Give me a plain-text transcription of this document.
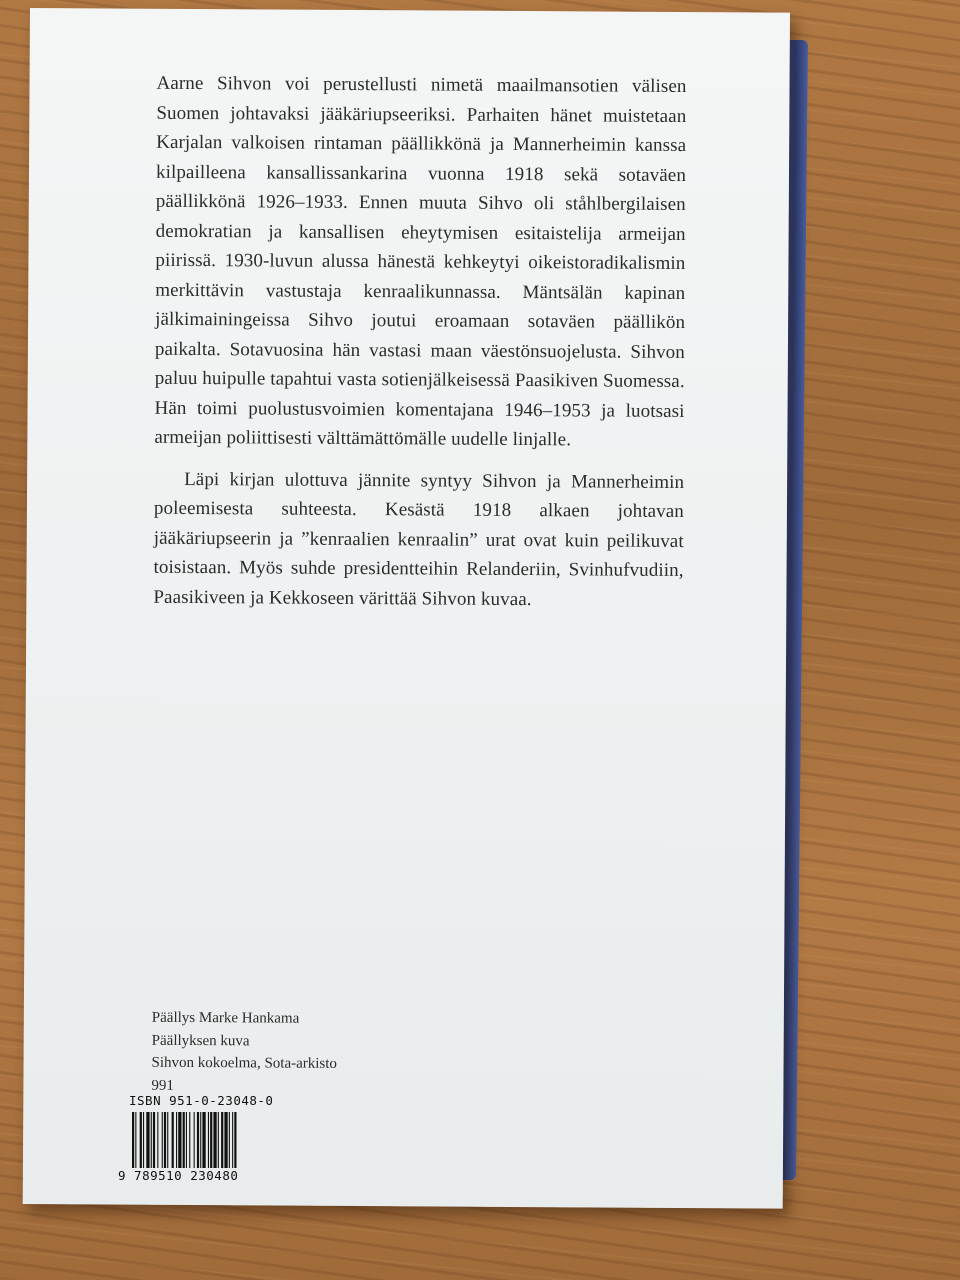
Aarne Sihvon voi perustellusti nimetä maailmansotien välisen Suomen johtavaksi jääkäriupseeriksi. Parhaiten hänet muistetaan Karjalan valkoisen rintaman päällikkönä ja Mannerheimin kanssa kilpailleena kansallissankarina vuonna 1918 sekä sotaväen päällikkönä 1926–1933. Ennen muuta Sihvo oli ståhlbergilaisen demokratian ja kansallisen eheytymisen esitaistelija armeijan piirissä. 1930-luvun alussa hänestä kehkeytyi oikeistoradikalismin merkittävin vastustaja kenraalikunnassa. Mäntsälän kapinan jälkimainingeissa Sihvo joutui eroamaan sotaväen päällikön paikalta. Sotavuosina hän vastasi maan väestönsuojelusta. Sihvon paluu huipulle tapahtui vasta sotienjälkeisessä Paasikiven Suomessa. Hän toimi puolustusvoimien komentajana 1946–1953 ja luotsasi armeijan poliittisesti välttämättömälle uudelle linjalle.

Läpi kirjan ulottuva jännite syntyy Sihvon ja Mannerheimin poleemisesta suhteesta. Kesästä 1918 alkaen johtavan jääkäriupseerin ja ”kenraalien kenraalin” urat ovat kuin peilikuvat toisistaan. Myös suhde presidentteihin Relanderiin, Svinhufvudiin, Paasikiveen ja Kekkoseen värittää Sihvon kuvaa.

Päällys Marke Hankama
Päällyksen kuva
Sihvon kokoelma, Sota-arkisto
991
ISBN 951-0-23048-0
9 789510 230480
